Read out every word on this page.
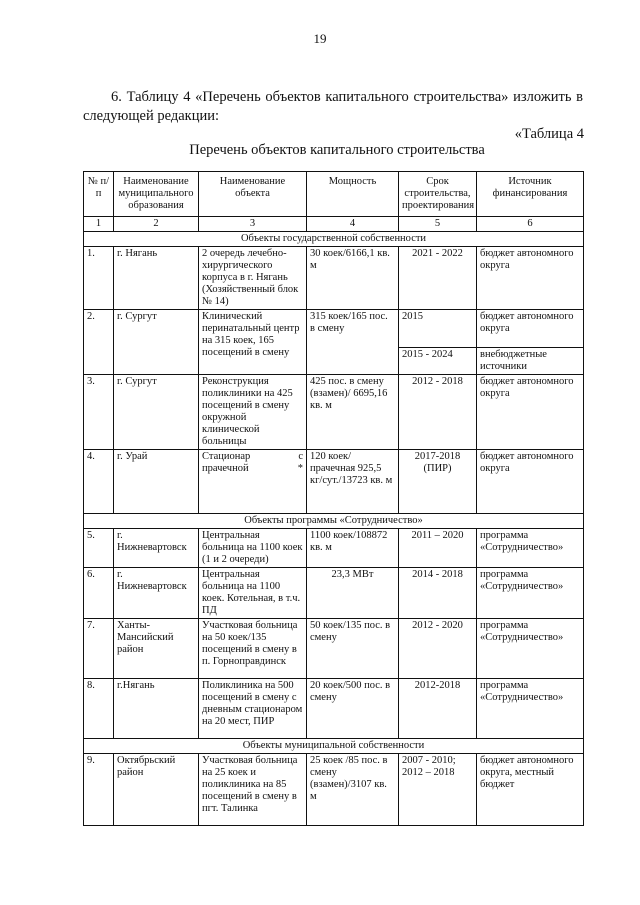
19
6. Таблицу 4 «Перечень объектов капитального строительства» изложить в следующей редакции:
«Таблица 4
Перечень объектов капитального строительства
№ п/п	Наименование муниципального образования	Наименование объекта	Мощность	Срок строительства, проектирования	Источник финансирования
1	2	3	4	5	6
Объекты государственной собственности					
1.	г. Нягань	2 очередь лечебно-хирургического корпуса в г. Нягань (Хозяйственный блок № 14)	30 коек/6166,1 кв. м	2021 - 2022	бюджет автономного округа
2.	г. Сургут	Клинический перинатальный центр на 315 коек, 165 посещений в смену	315 коек/165 пос. в смену	2015	бюджет автономного округа
				2015 - 2024	внебюджетные источники
3.	г. Сургут	Реконструкция поликлиники на 425 посещений в смену окружной клинической больницы	425 пос. в смену (взамен)/ 6695,16 кв. м	2012 - 2018	бюджет автономного округа
4.	г. Урай	Стационар с прачечной *	120 коек/прачечная 925,5 кг/сут./13723 кв. м	2017-2018 (ПИР)	бюджет автономного округа
Объекты программы «Сотрудничество»					
5.	г. Нижневартовск	Центральная больница на 1100 коек (1 и 2 очереди)	1100 коек/108872 кв. м	2011 – 2020	программа «Сотрудничество»
6.	г. Нижневартовск	Центральная больница на 1100 коек. Котельная, в т.ч. ПД	23,3 МВт	2014 - 2018	программа «Сотрудничество»
7.	Ханты-Мансийский район	Участковая больница на 50 коек/135 посещений в смену в п. Горноправдинск	50 коек/135 пос. в смену	2012 - 2020	программа «Сотрудничество»
8.	г.Нягань	Поликлиника на 500 посещений в смену с дневным стационаром на 20 мест, ПИР	20 коек/500 пос. в смену	2012-2018	программа «Сотрудничество»
Объекты муниципальной собственности					
9.	Октябрьский район	Участковая больница на 25 коек и поликлиника на 85 посещений в смену в пгт. Талинка	25 коек /85 пос. в смену (взамен)/3107 кв. м	2007 - 2010; 2012 – 2018	бюджет автономного округа, местный бюджет
